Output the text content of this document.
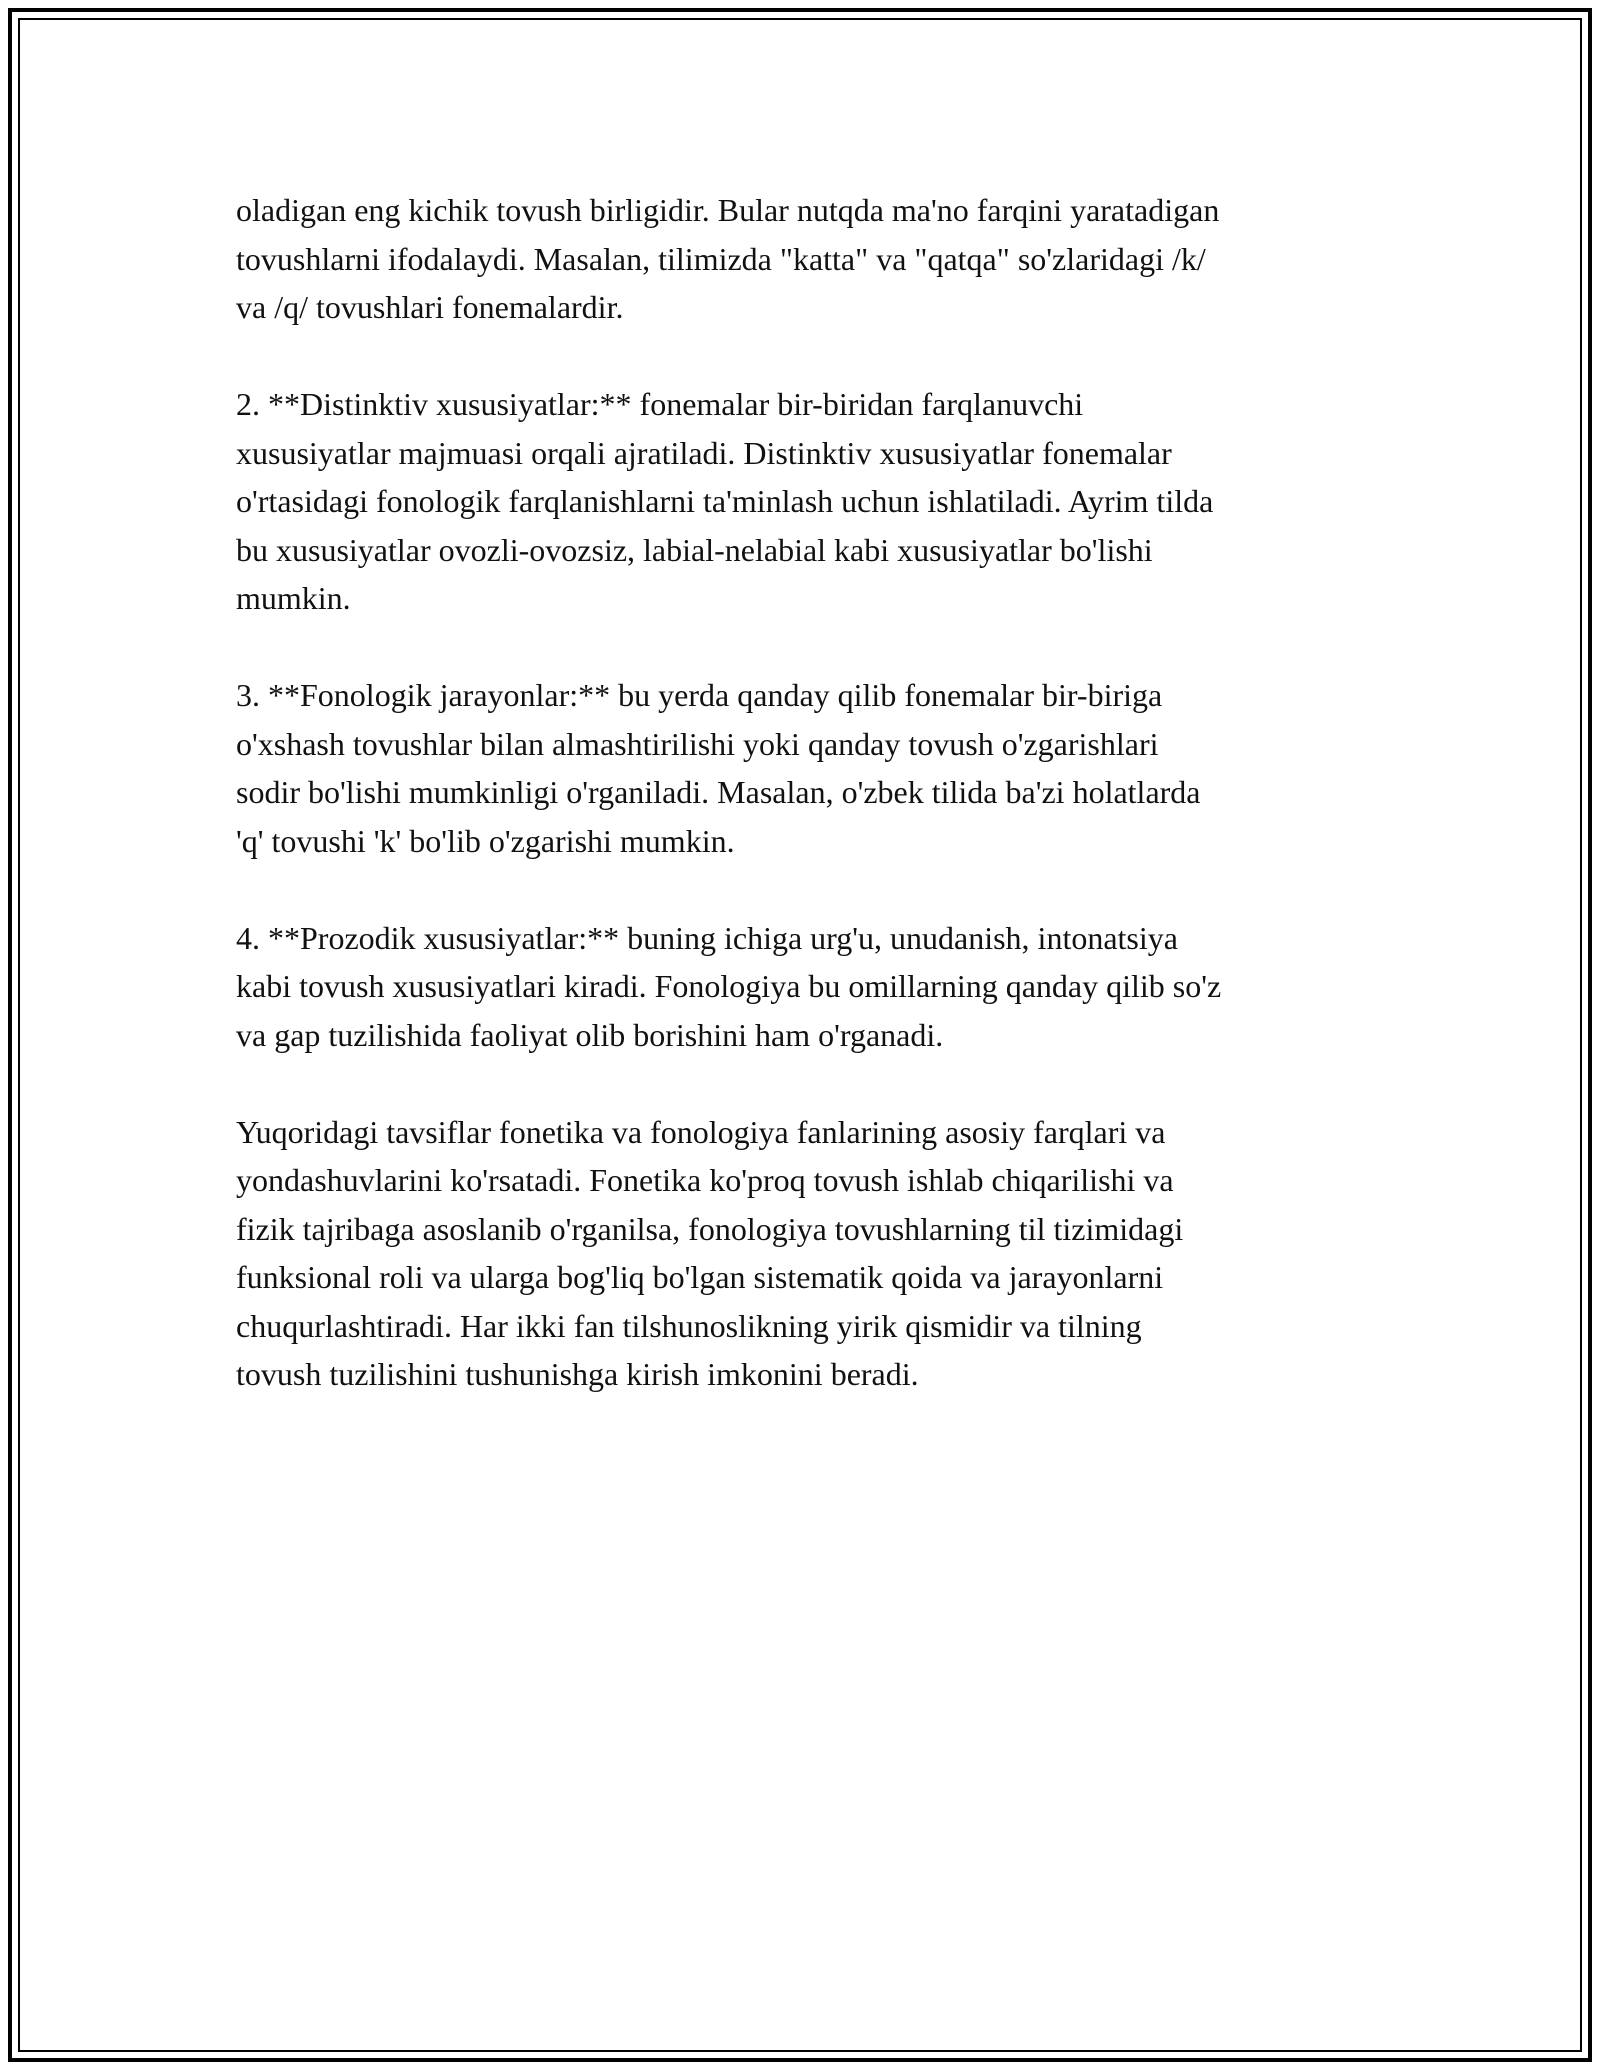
oladigan eng kichik tovush birligidir. Bular nutqda ma'no farqini yaratadigan
tovushlarni ifodalaydi. Masalan, tilimizda "katta" va "qatqa" so'zlaridagi /k/
va /q/ tovushlari fonemalardir.

2. **Distinktiv xususiyatlar:** fonemalar bir-biridan farqlanuvchi
xususiyatlar majmuasi orqali ajratiladi. Distinktiv xususiyatlar fonemalar
o'rtasidagi fonologik farqlanishlarni ta'minlash uchun ishlatiladi. Ayrim tilda
bu xususiyatlar ovozli-ovozsiz, labial-nelabial kabi xususiyatlar bo'lishi
mumkin.

3. **Fonologik jarayonlar:** bu yerda qanday qilib fonemalar bir-biriga
o'xshash tovushlar bilan almashtirilishi yoki qanday tovush o'zgarishlari
sodir bo'lishi mumkinligi o'rganiladi. Masalan, o'zbek tilida ba'zi holatlarda
'q' tovushi 'k' bo'lib o'zgarishi mumkin.

4. **Prozodik xususiyatlar:** buning ichiga urg'u, unudanish, intonatsiya
kabi tovush xususiyatlari kiradi. Fonologiya bu omillarning qanday qilib so'z
va gap tuzilishida faoliyat olib borishini ham o'rganadi.

Yuqoridagi tavsiflar fonetika va fonologiya fanlarining asosiy farqlari va
yondashuvlarini ko'rsatadi. Fonetika ko'proq tovush ishlab chiqarilishi va
fizik tajribaga asoslanib o'rganilsa, fonologiya tovushlarning til tizimidagi
funksional roli va ularga bog'liq bo'lgan sistematik qoida va jarayonlarni
chuqurlashtiradi. Har ikki fan tilshunoslikning yirik qismidir va tilning
tovush tuzilishini tushunishga kirish imkonini beradi.
